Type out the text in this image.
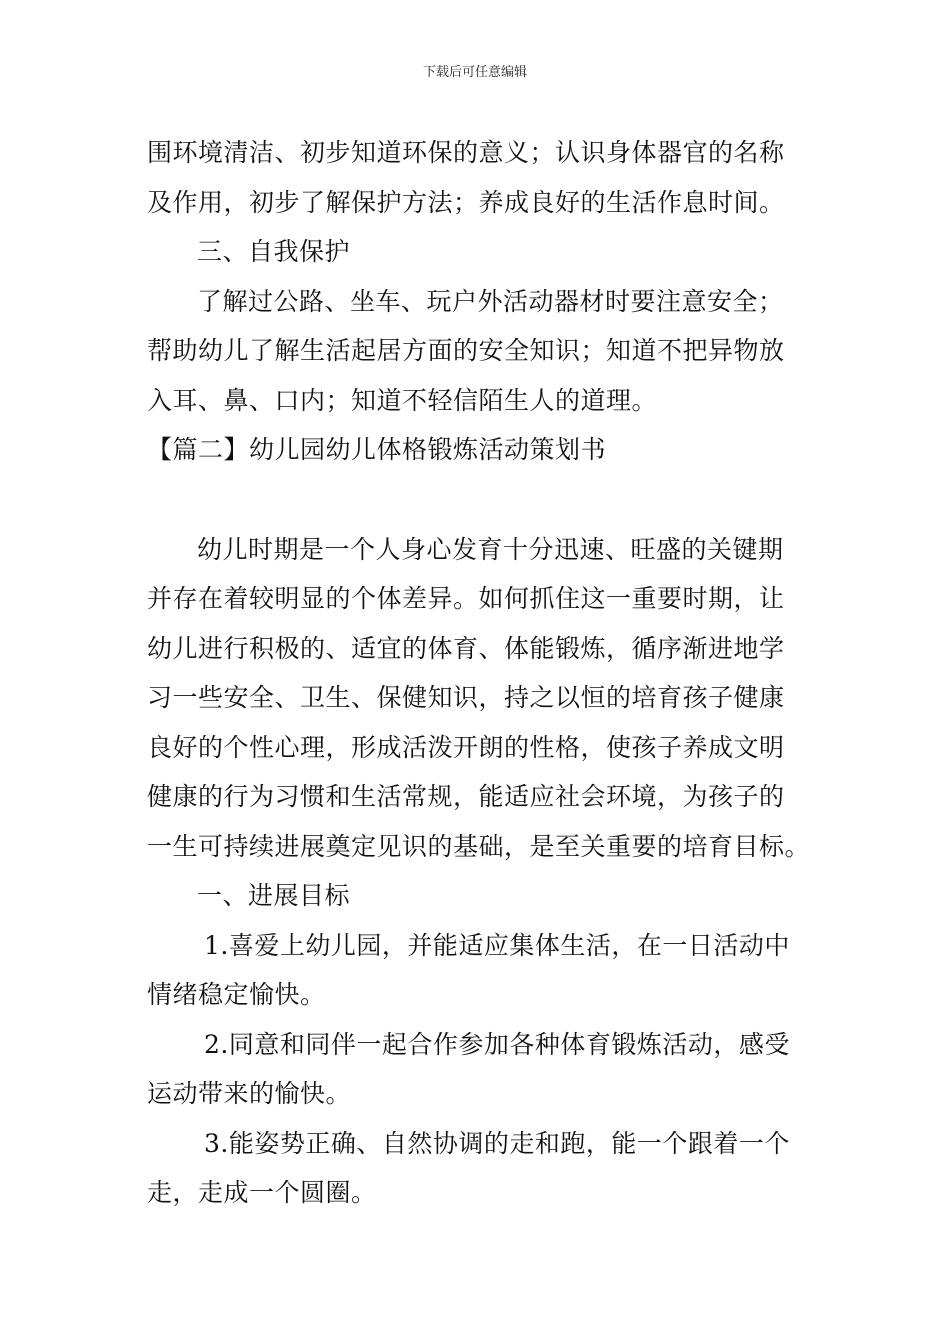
下载后可任意编辑

围环境清洁、初步知道环保的意义；认识身体器官的名称

及作用，初步了解保护方法；养成良好的生活作息时间。

三、自我保护

了解过公路、坐车、玩户外活动器材时要注意安全；

帮助幼儿了解生活起居方面的安全知识；知道不把异物放

入耳、鼻、口内；知道不轻信陌生人的道理。

【篇二】幼儿园幼儿体格锻炼活动策划书

幼儿时期是一个人身心发育十分迅速、旺盛的关键期

并存在着较明显的个体差异。如何抓住这一重要时期，让

幼儿进行积极的、适宜的体育、体能锻炼，循序渐进地学

习一些安全、卫生、保健知识，持之以恒的培育孩子健康

良好的个性心理，形成活泼开朗的性格，使孩子养成文明

健康的行为习惯和生活常规，能适应社会环境，为孩子的

一生可持续进展奠定见识的基础，是至关重要的培育目标。

一、进展目标

1.喜爱上幼儿园，并能适应集体生活，在一日活动中

情绪稳定愉快。

2.同意和同伴一起合作参加各种体育锻炼活动，感受

运动带来的愉快。

3.能姿势正确、自然协调的走和跑，能一个跟着一个

走，走成一个圆圈。
